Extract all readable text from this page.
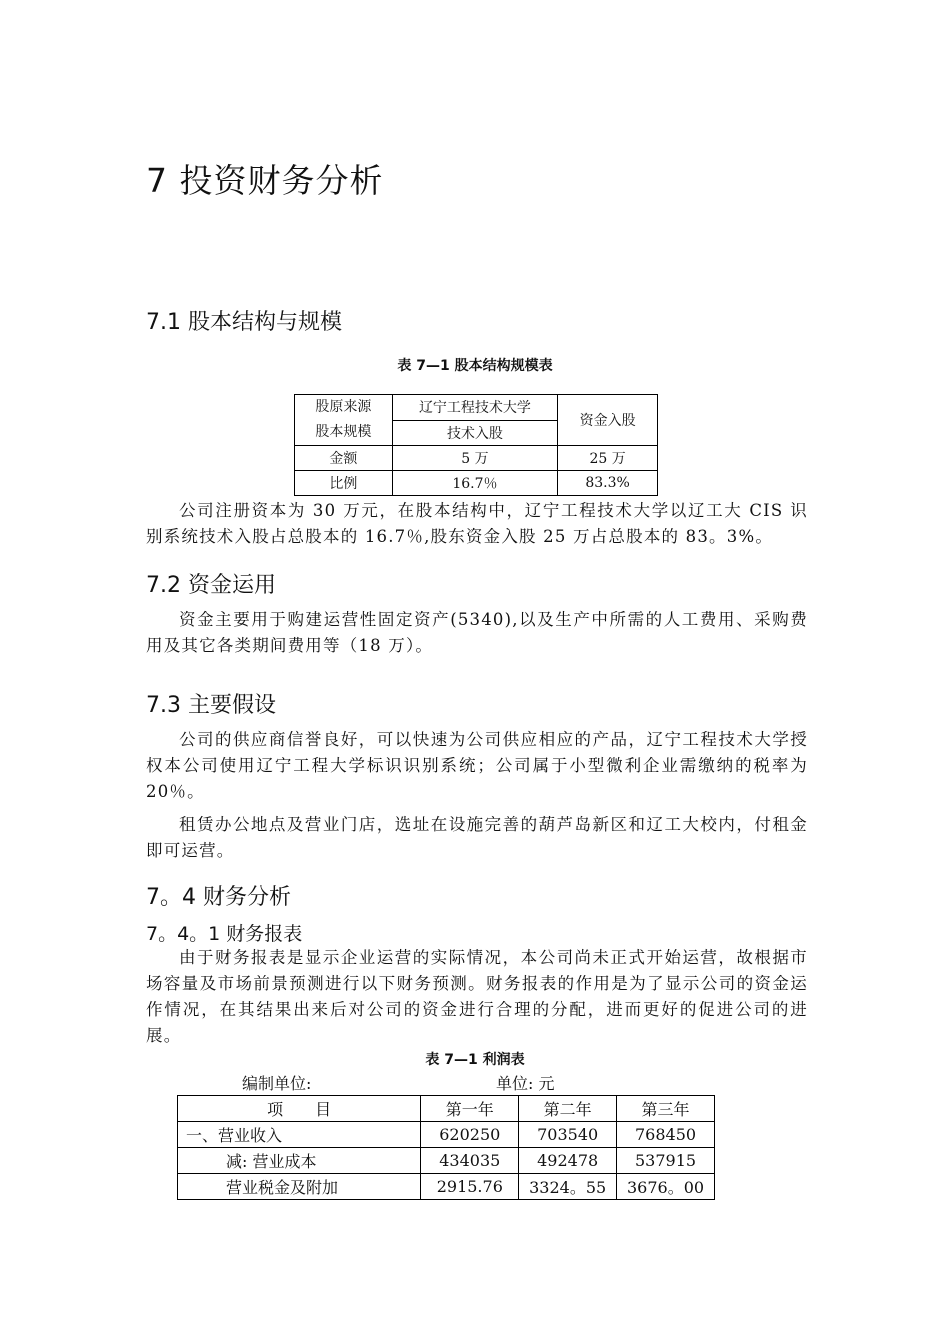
7 投资财务分析
7.1 股本结构与规模
表 7—1 股本结构规模表
股原来源
股本规模	辽宁工程技术大学	资金入股
	技术入股	
金额	5 万	25 万
比例	16.7％	83.3%
公司注册资本为 30 万元，在股本结构中，辽宁工程技术大学以辽工大 CIS 识别系统技术入股占总股本的 16.7％,股东资金入股 25 万占总股本的 83。3%。
7.2 资金运用
资金主要用于购建运营性固定资产(5340),以及生产中所需的人工费用、采购费用及其它各类期间费用等（18 万）。
7.3 主要假设
公司的供应商信誉良好，可以快速为公司供应相应的产品，辽宁工程技术大学授权本公司使用辽宁工程大学标识识别系统；公司属于小型微利企业需缴纳的税率为 20％。
租赁办公地点及营业门店，选址在设施完善的葫芦岛新区和辽工大校内，付租金即可运营。
7。4 财务分析
7。4。1 财务报表
由于财务报表是显示企业运营的实际情况，本公司尚未正式开始运营，故根据市场容量及市场前景预测进行以下财务预测。财务报表的作用是为了显示公司的资金运作情况，在其结果出来后对公司的资金进行合理的分配，进而更好的促进公司的进展。
表 7—1 利润表
编制单位:	单位: 元
项　　目	第一年	第二年	第三年
一、营业收入	620250	703540	768450
减: 营业成本	434035	492478	537915
营业税金及附加	2915.76	3324。55	3676。00
